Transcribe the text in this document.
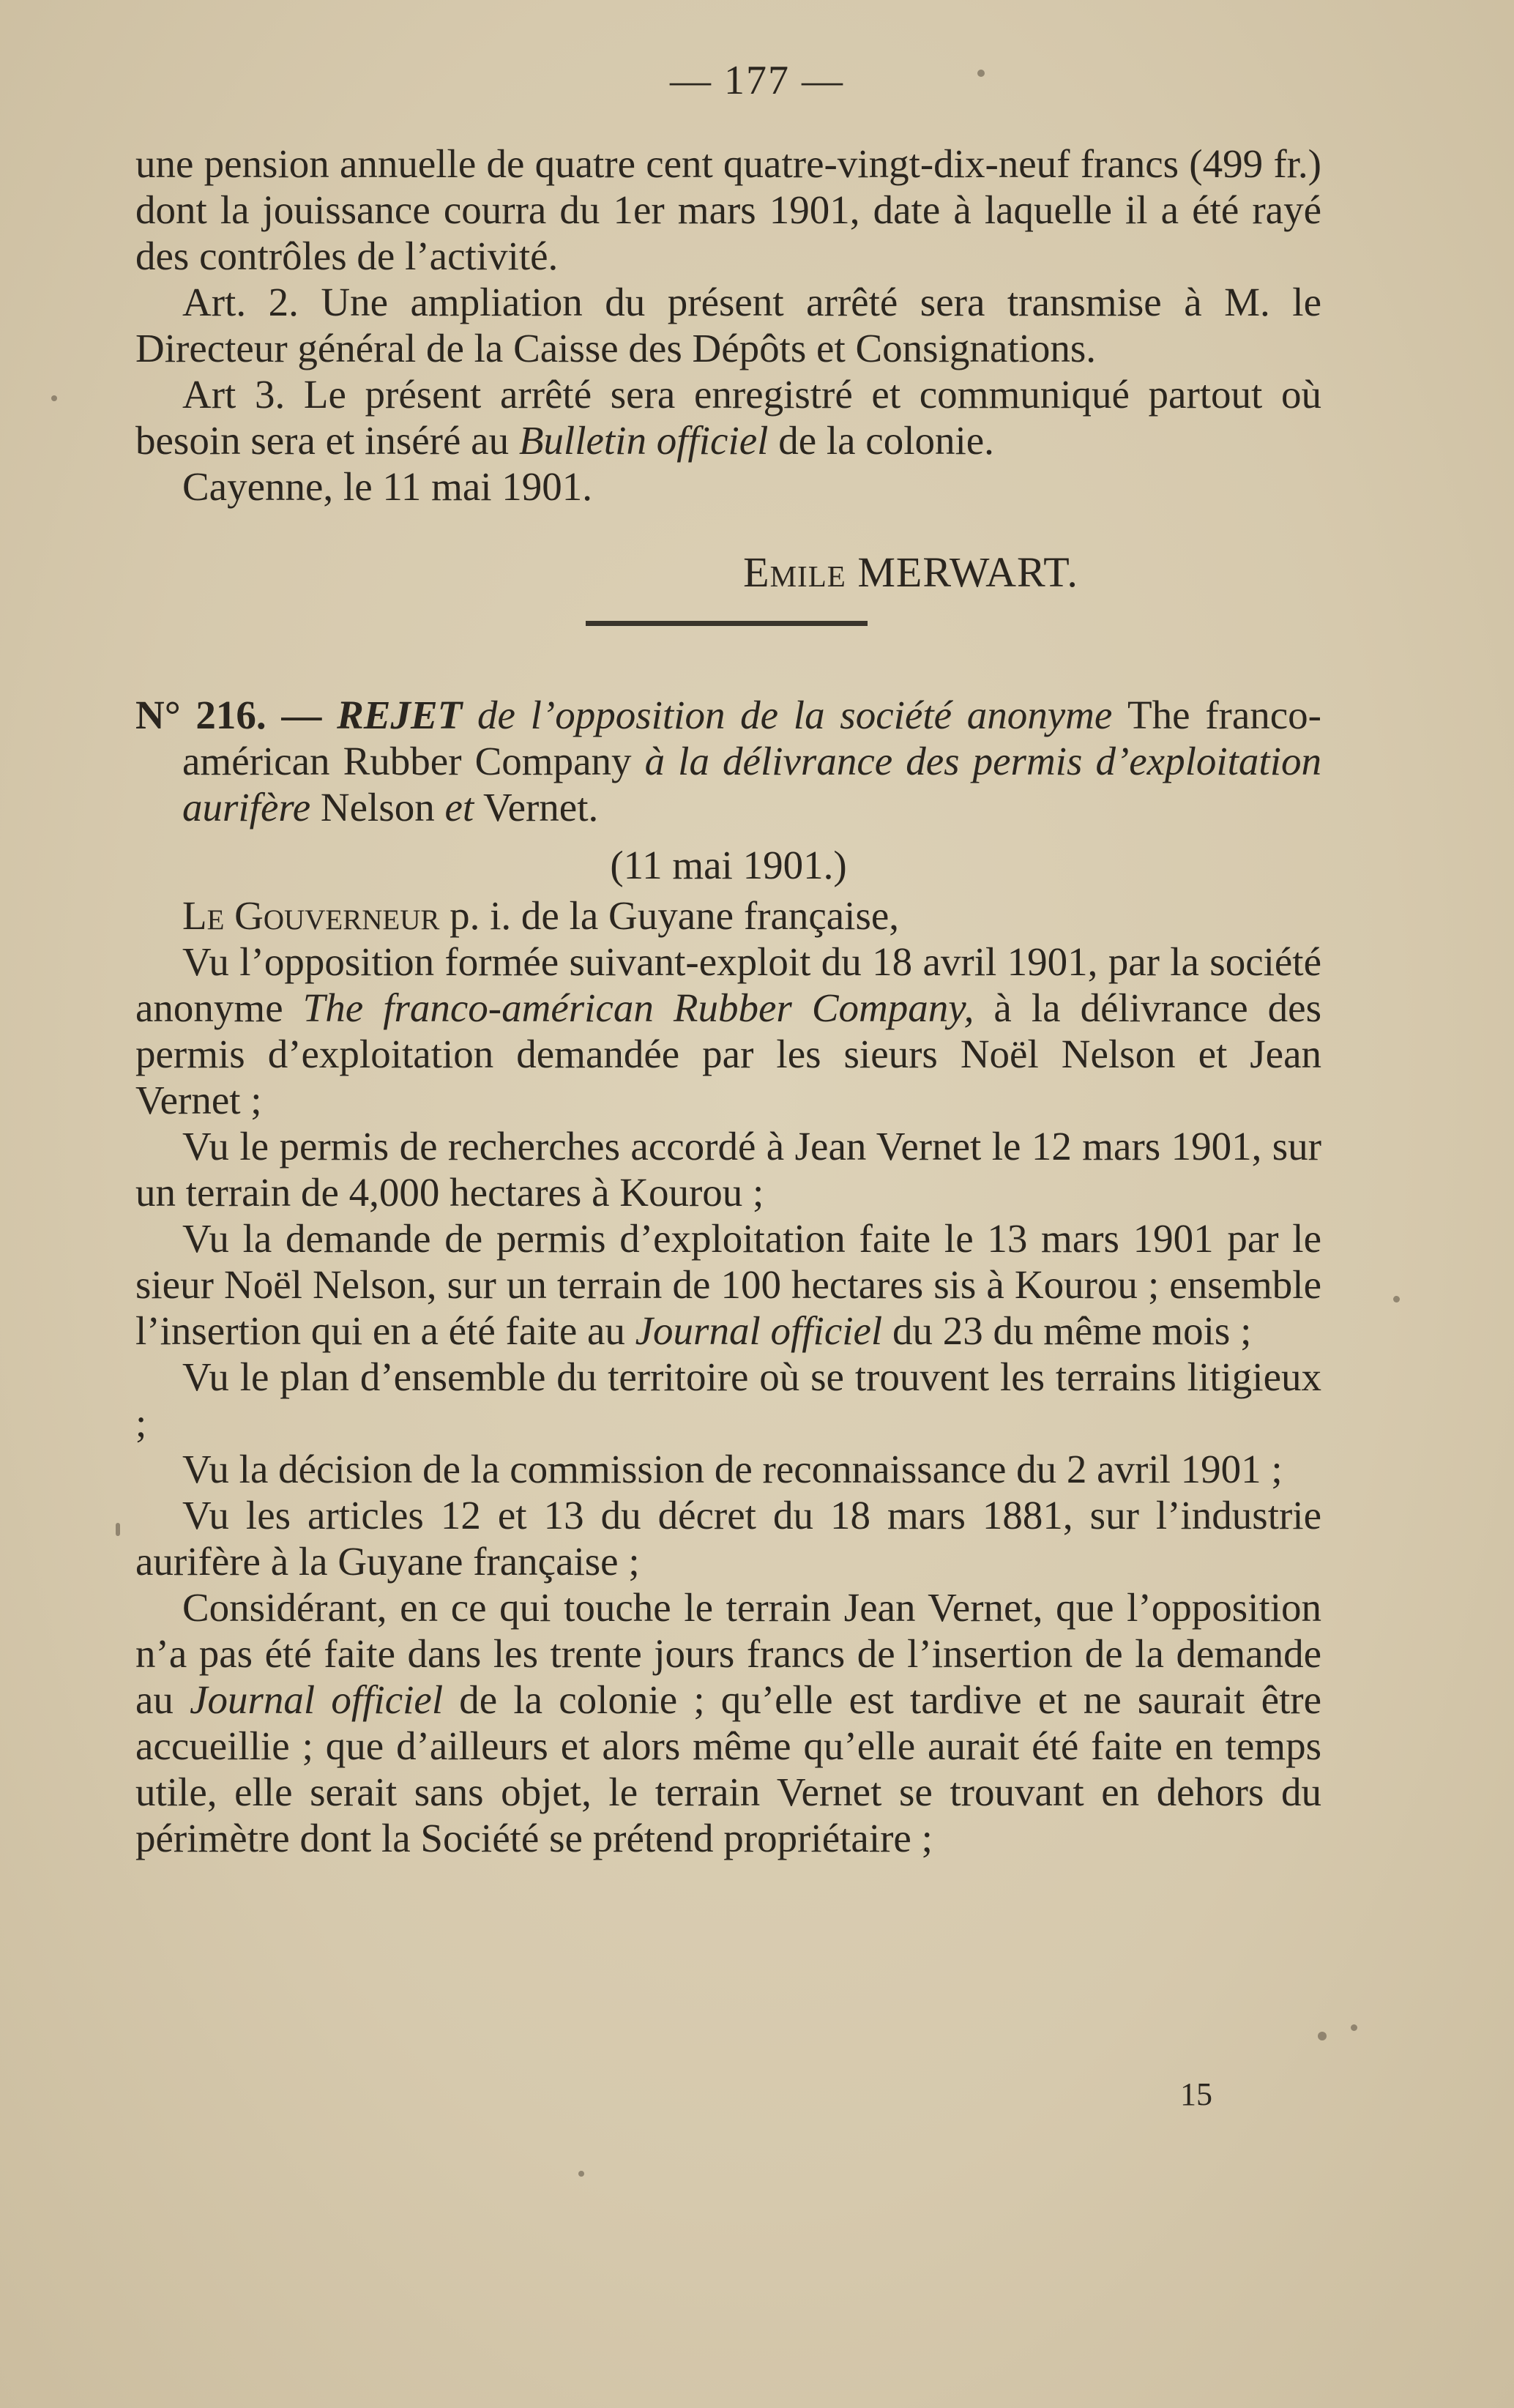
— 177 —

une pension annuelle de quatre cent quatre-vingt-dix-neuf francs (499 fr.) dont la jouissance courra du 1er mars 1901, date à laquelle il a été rayé des contrôles de l’activité.

Art. 2. Une ampliation du présent arrêté sera transmise à M. le Directeur général de la Caisse des Dépôts et Consignations.

Art 3. Le présent arrêté sera enregistré et communiqué partout où besoin sera et inséré au Bulletin officiel de la colonie.

Cayenne, le 11 mai 1901.

Emile MERWART.

N° 216. — REJET de l’opposition de la société anonyme The franco-américan Rubber Company à la délivrance des permis d’exploitation aurifère Nelson et Vernet.

(11 mai 1901.)

Le Gouverneur p. i. de la Guyane française,

Vu l’opposition formée suivant-exploit du 18 avril 1901, par la société anonyme The franco-américan Rubber Company, à la délivrance des permis d’exploitation demandée par les sieurs Noël Nelson et Jean Vernet ;

Vu le permis de recherches accordé à Jean Vernet le 12 mars 1901, sur un terrain de 4,000 hectares à Kourou ;

Vu la demande de permis d’exploitation faite le 13 mars 1901 par le sieur Noël Nelson, sur un terrain de 100 hectares sis à Kourou ; ensemble l’insertion qui en a été faite au Journal officiel du 23 du même mois ;

Vu le plan d’ensemble du territoire où se trouvent les terrains litigieux ;

Vu la décision de la commission de reconnaissance du 2 avril 1901 ;

Vu les articles 12 et 13 du décret du 18 mars 1881, sur l’industrie aurifère à la Guyane française ;

Considérant, en ce qui touche le terrain Jean Vernet, que l’opposition n’a pas été faite dans les trente jours francs de l’insertion de la demande au Journal officiel de la colonie ; qu’elle est tardive et ne saurait être accueillie ; que d’ailleurs et alors même qu’elle aurait été faite en temps utile, elle serait sans objet, le terrain Vernet se trouvant en dehors du périmètre dont la Société se prétend propriétaire ;

15
